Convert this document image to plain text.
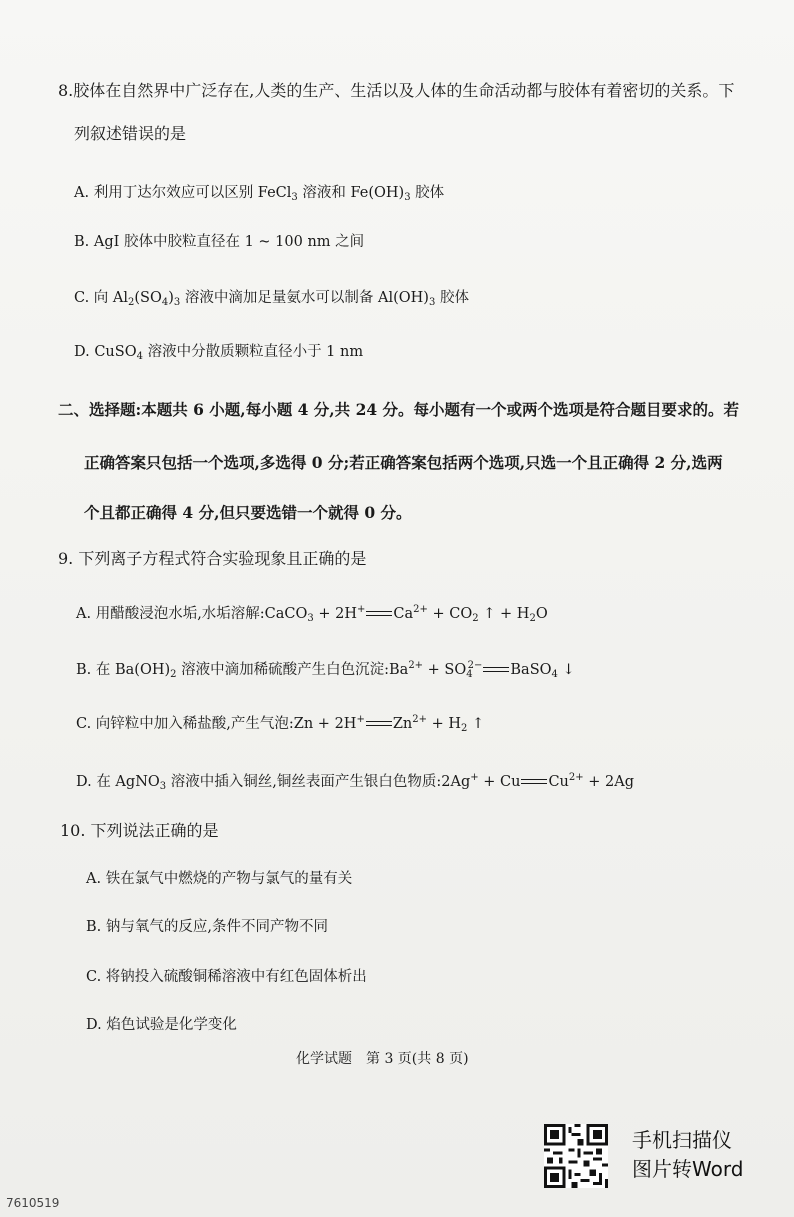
8.胶体在自然界中广泛存在,人类的生产、生活以及人体的生命活动都与胶体有着密切的关系。下
列叙述错误的是
A. 利用丁达尔效应可以区别 FeCl$_3$ 溶液和 $Fe(OH)_3$ 胶体
B. AgI 胶体中胶粒直径在 1 ~ 100 nm 之间
C. 向 $Al_2(SO_4)_3$ 溶液中滴加足量氨水可以制备 $Al(OH)_3$ 胶体
D. CuSO$_4$ 溶液中分散质颗粒直径小于 1 nm
二、选择题:本题共 6 小题,每小题 4 分,共 24 分。每小题有一个或两个选项是符合题目要求的。若
正确答案只包括一个选项,多选得 0 分;若正确答案包括两个选项,只选一个且正确得 2 分,选两
个且都正确得 4 分,但只要选错一个就得 0 分。
9. 下列离子方程式符合实验现象且正确的是
A. 用醋酸浸泡水垢,水垢溶解:CaCO$_3$ + 2H+ $Ca^{2+} + CO_2$ ↑ + $H_2O$
B. 在 $Ba(OH)_2$ 溶液中滴加稀硫酸产生白色沉淀$:Ba^{2+} + SO_4^{2-}$ BaSO$_4$ ↓
C. 向锌粒中加入稀盐酸,产生气泡:Zn + 2H+ $Zn^{2+} + H_2$ ↑
D. 在 AgNO$_3$ 溶液中插入铜丝,铜丝表面产生银白色物质:2Ag+ + Cu $Cu^{2+} + 2Ag$
10. 下列说法正确的是
A. 铁在氯气中燃烧的产物与氯气的量有关
B. 钠与氧气的反应,条件不同产物不同
C. 将钠投入硫酸铜稀溶液中有红色固体析出
D. 焰色试验是化学变化
化学试题　第 3 页(共 8 页)
手机扫描仪
图片转Word
7610519
